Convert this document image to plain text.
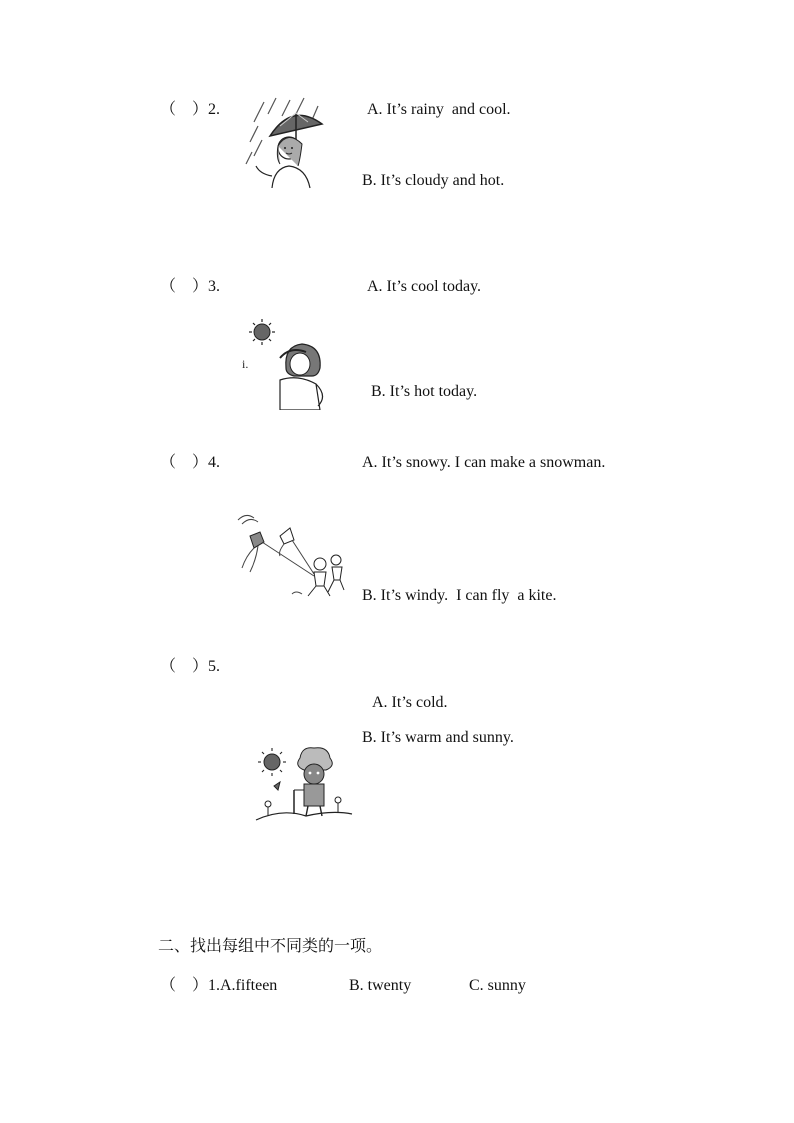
（    ）2.	A. It’s rainy  and cool.
B. It’s cloudy and hot.
（    ）3.
i.
A. It’s cool today.
B. It’s hot today.
（    ）4.	A. It’s snowy. I can make a snowman.
B. It’s windy.  I can fly  a kite.
（    ）5.
A. It’s cold.
B. It’s warm and sunny.
二、找出每组中不同类的一项。
（    ）1.A.fifteen	B. twenty	C. sunny
